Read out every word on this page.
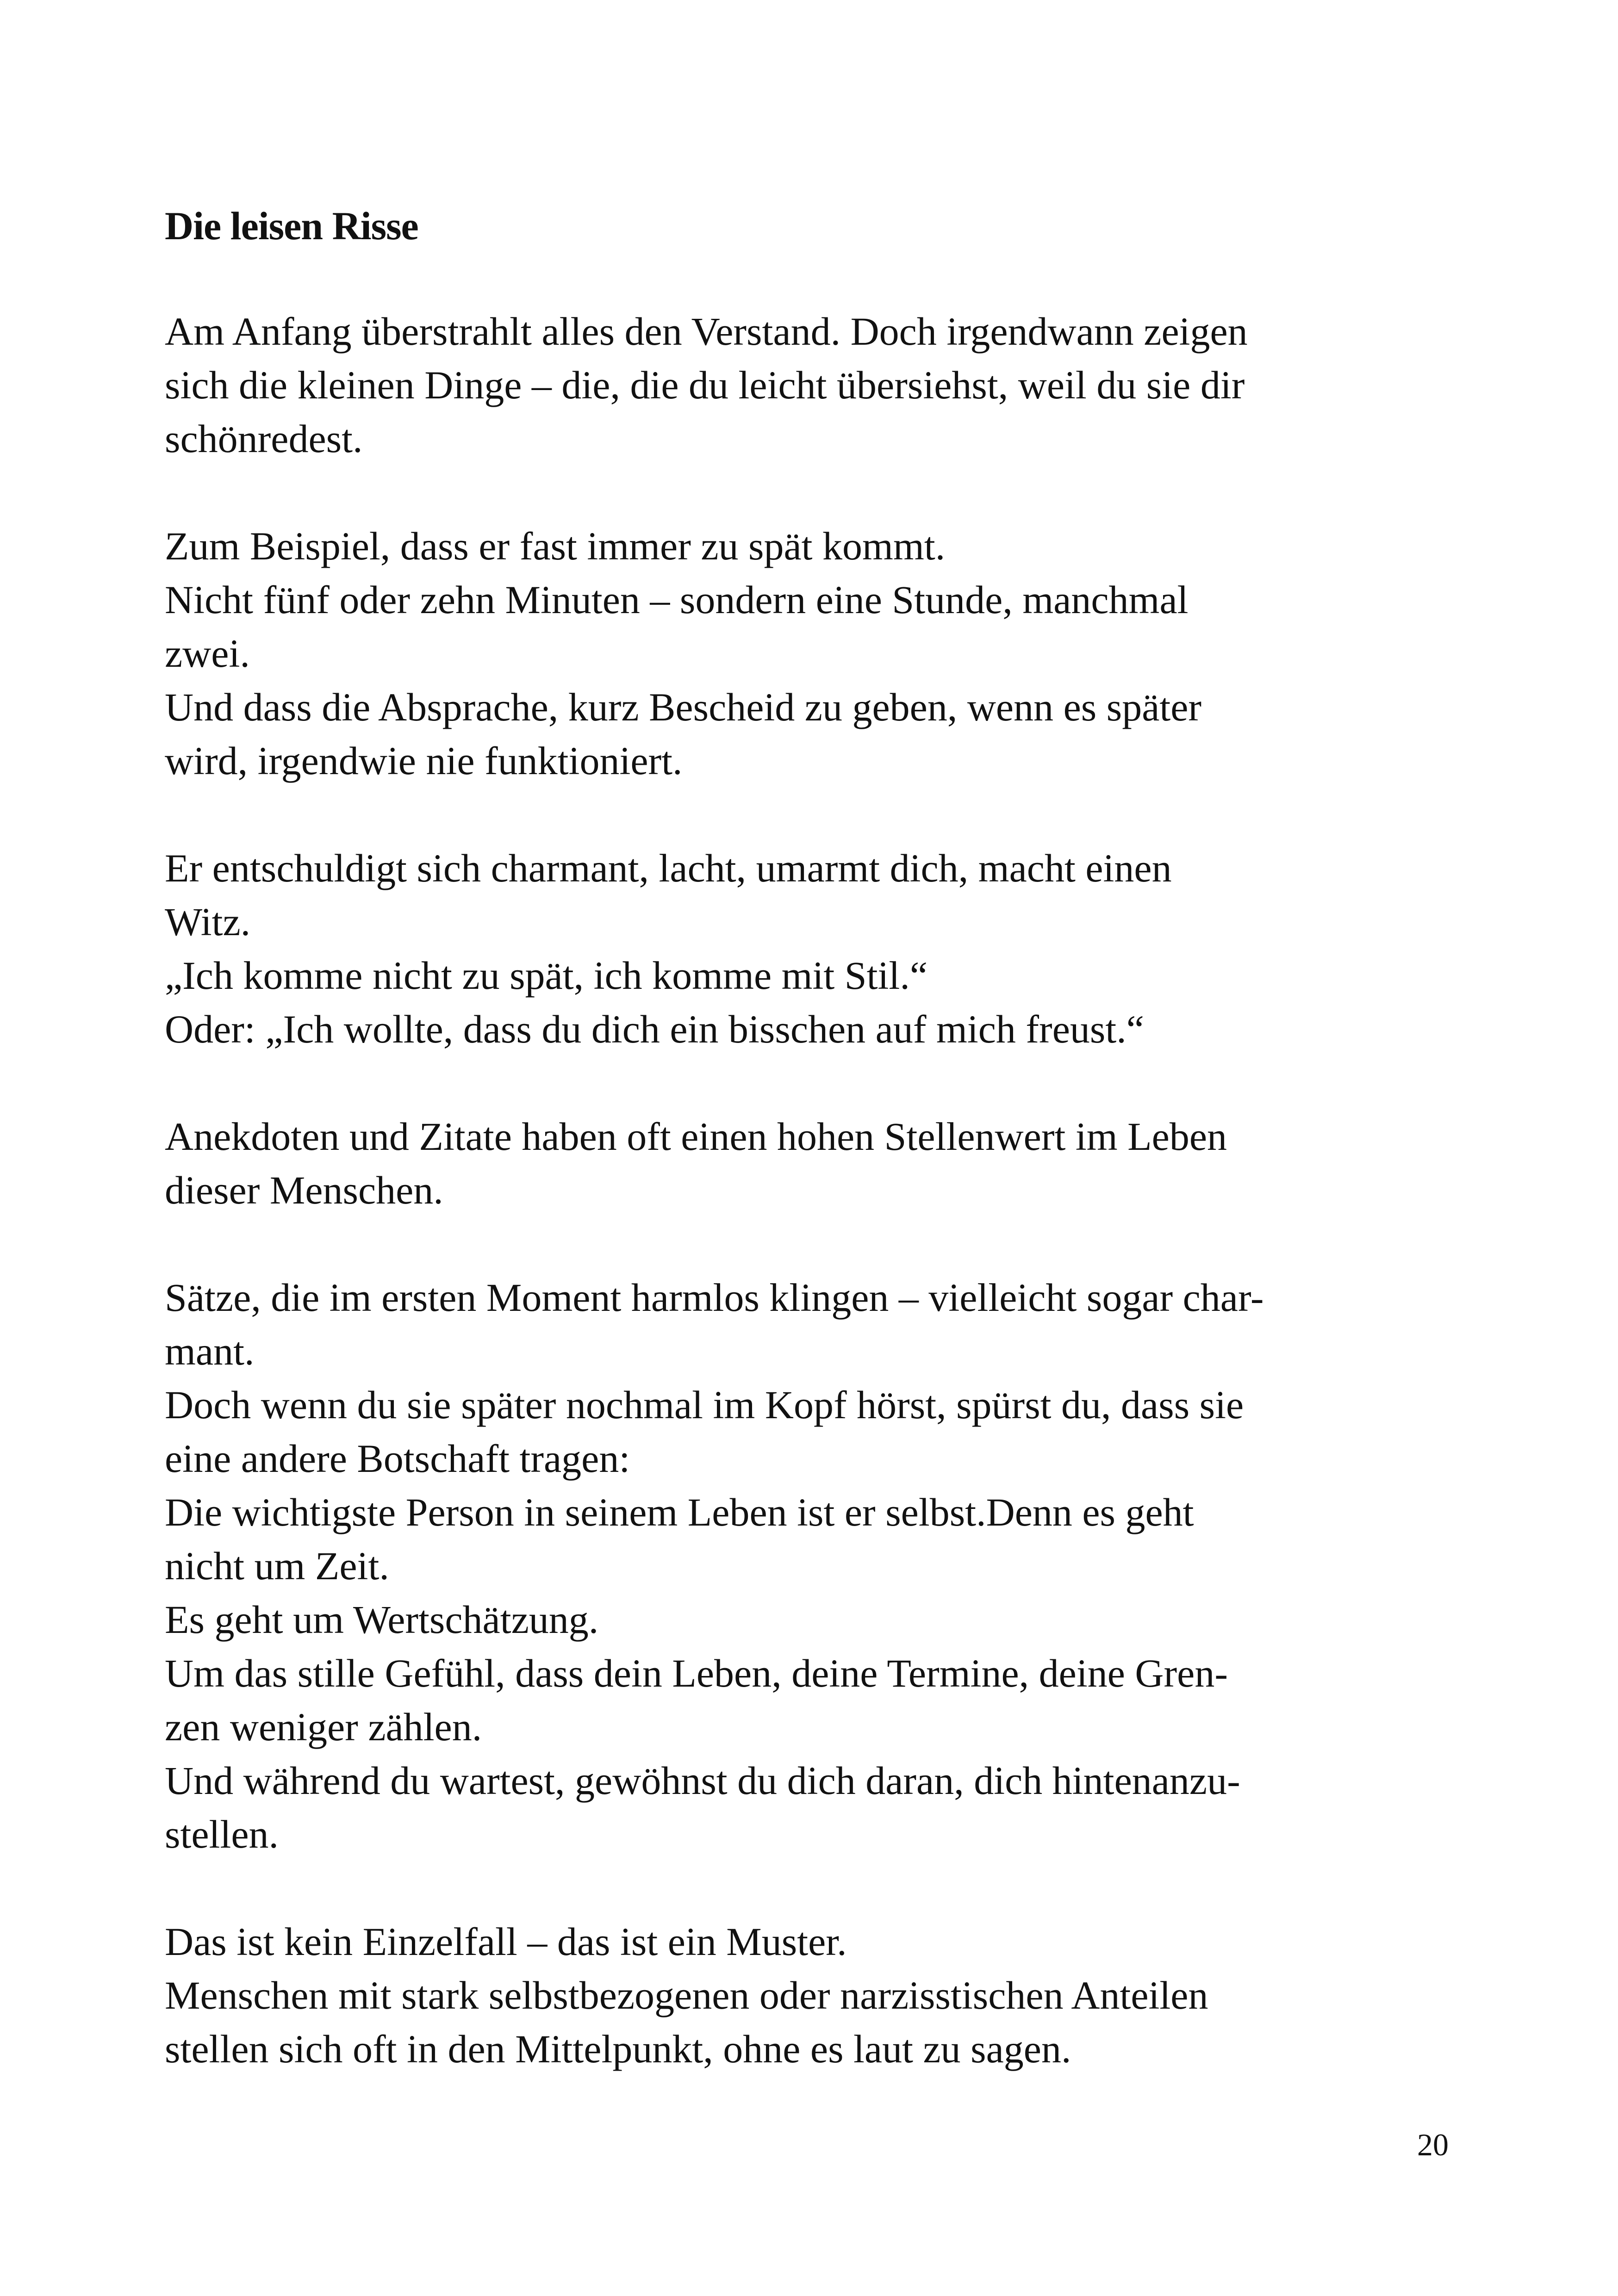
Die leisen Risse

Am Anfang überstrahlt alles den Verstand. Doch irgendwann zeigen
sich die kleinen Dinge – die, die du leicht übersiehst, weil du sie dir
schönredest.

Zum Beispiel, dass er fast immer zu spät kommt.
Nicht fünf oder zehn Minuten – sondern eine Stunde, manchmal
zwei.
Und dass die Absprache, kurz Bescheid zu geben, wenn es später
wird, irgendwie nie funktioniert.

Er entschuldigt sich charmant, lacht, umarmt dich, macht einen
Witz.
„Ich komme nicht zu spät, ich komme mit Stil.“
Oder: „Ich wollte, dass du dich ein bisschen auf mich freust.“

Anekdoten und Zitate haben oft einen hohen Stellenwert im Leben
dieser Menschen.

Sätze, die im ersten Moment harmlos klingen – vielleicht sogar char-
mant.
Doch wenn du sie später nochmal im Kopf hörst, spürst du, dass sie
eine andere Botschaft tragen:
Die wichtigste Person in seinem Leben ist er selbst.Denn es geht
nicht um Zeit.
Es geht um Wertschätzung.
Um das stille Gefühl, dass dein Leben, deine Termine, deine Gren-
zen weniger zählen.
Und während du wartest, gewöhnst du dich daran, dich hintenanzu-
stellen.

Das ist kein Einzelfall – das ist ein Muster.
Menschen mit stark selbstbezogenen oder narzisstischen Anteilen
stellen sich oft in den Mittelpunkt, ohne es laut zu sagen.

20
